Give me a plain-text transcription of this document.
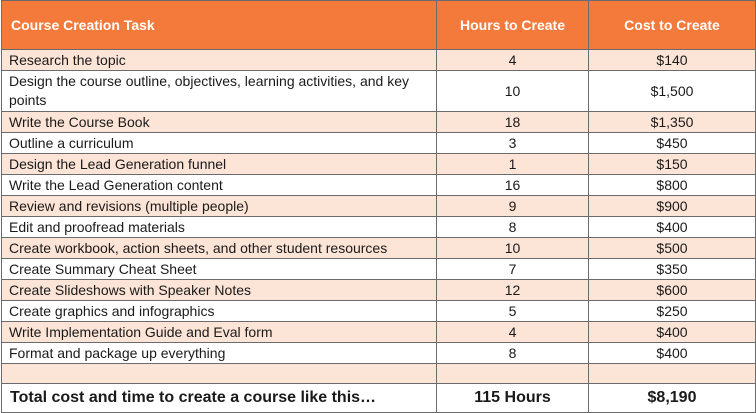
Course Creation Task	Hours to Create	Cost to Create
Research the topic	4	$140
Design the course outline, objectives, learning activities, and key points	10	$1,500
Write the Course Book	18	$1,350
Outline a curriculum	3	$450
Design the Lead Generation funnel	1	$150
Write the Lead Generation content	16	$800
Review and revisions (multiple people)	9	$900
Edit and proofread materials	8	$400
Create workbook, action sheets, and other student resources	10	$500
Create Summary Cheat Sheet	7	$350
Create Slideshows with Speaker Notes	12	$600
Create graphics and infographics	5	$250
Write Implementation Guide and Eval form	4	$400
Format and package up everything	8	$400

Total cost and time to create a course like this…	115 Hours	$8,190
